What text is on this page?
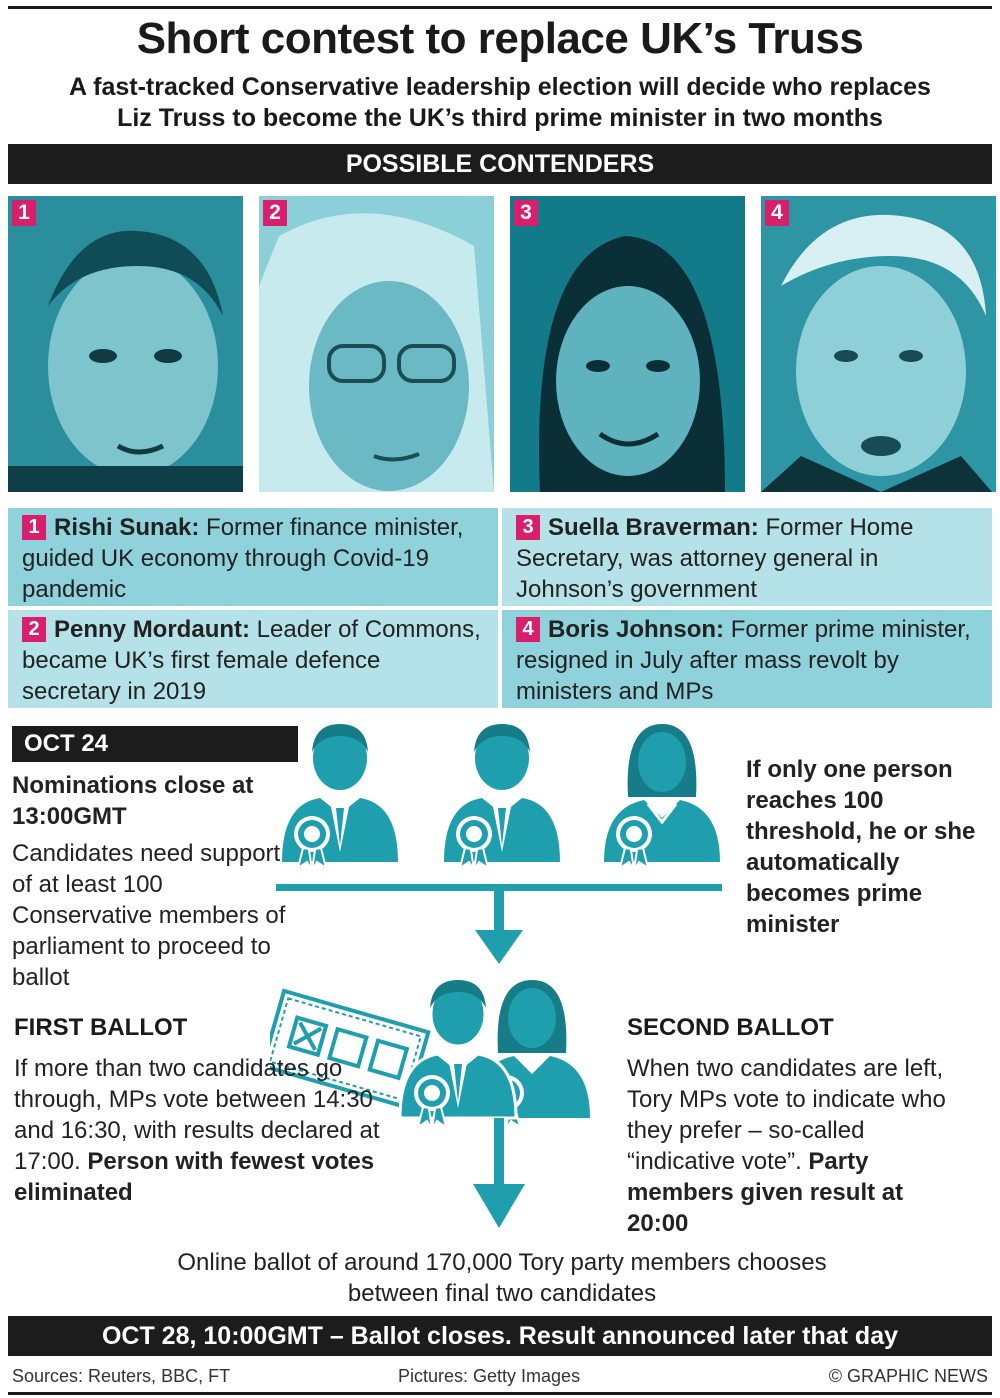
Short contest to replace UK’s Truss
A fast-tracked Conservative leadership election will decide who replaces
Liz Truss to become the UK’s third prime minister in two months
POSSIBLE CONTENDERS
1	2	3	4
1 Rishi Sunak: Former finance minister, guided UK economy through Covid-19 pandemic
3 Suella Braverman: Former Home Secretary, was attorney general in Johnson’s government
2 Penny Mordaunt: Leader of Commons, became UK’s first female defence secretary in 2019
4 Boris Johnson: Former prime minister, resigned in July after mass revolt by ministers and MPs
OCT 24
Nominations close at 13:00GMT
Candidates need support of at least 100 Conservative members of parliament to proceed to ballot
If only one person reaches 100 threshold, he or she automatically becomes prime minister
FIRST BALLOT
If more than two candidates go through, MPs vote between 14:30 and 16:30, with results declared at 17:00. Person with fewest votes eliminated
SECOND BALLOT
When two candidates are left, Tory MPs vote to indicate who they prefer – so-called “indicative vote”. Party members given result at 20:00
Online ballot of around 170,000 Tory party members chooses between final two candidates
OCT 28, 10:00GMT – Ballot closes. Result announced later that day
Sources: Reuters, BBC, FT	Pictures: Getty Images	© GRAPHIC NEWS
